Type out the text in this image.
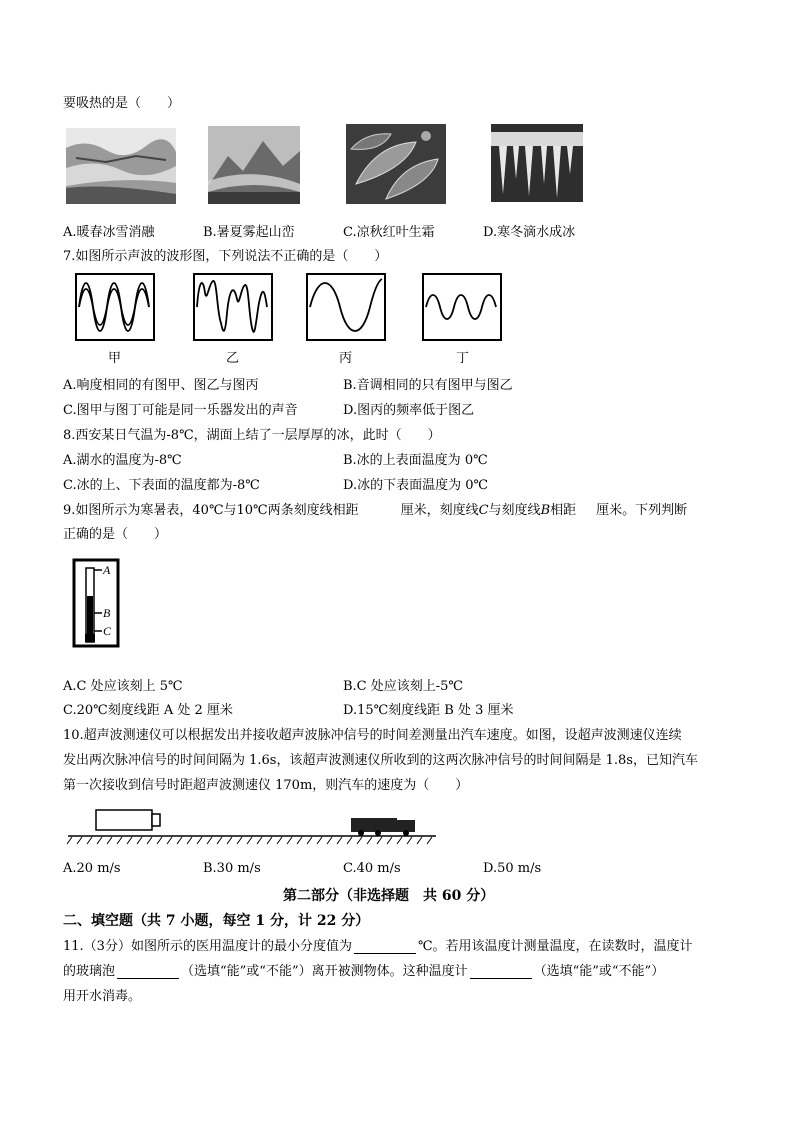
要吸热的是（　　）
A.暖春冰雪消融	B.暑夏雾起山峦	C.凉秋红叶生霜	D.寒冬滴水成冰
7.如图所示声波的波形图，下列说法不正确的是（　　）
甲	乙	丙	丁
A.响度相同的有图甲、图乙与图丙	B.音调相同的只有图甲与图乙
C.图甲与图丁可能是同一乐器发出的声音	D.图丙的频率低于图乙
8.西安某日气温为-8℃，湖面上结了一层厚厚的冰，此时（　　）
A.湖水的温度为-8℃	B.冰的上表面温度为 0℃
C.冰的上、下表面的温度都为-8℃	D.冰的下表面温度为 0℃
9.如图所示为寒暑表，40℃与10℃两条刻度线相距	厘米，刻度线C与刻度线B相距 厘米。下列判断
正确的是（　　）
A
B
C
A.C 处应该刻上 5℃	B.C 处应该刻上-5℃
C.20℃刻度线距 A 处 2 厘米	D.15℃刻度线距 B 处 3 厘米
10.超声波测速仪可以根据发出并接收超声波脉冲信号的时间差测量出汽车速度。如图，设超声波测速仪连续
发出两次脉冲信号的时间间隔为 1.6s，该超声波测速仪所收到的这两次脉冲信号的时间间隔是 1.8s，已知汽车
第一次接收到信号时距超声波测速仪 170m，则汽车的速度为（　　）
A.20 m/s	B.30 m/s	C.40 m/s	D.50 m/s
第二部分（非选择题　共 60 分）
二、填空题（共 7 小题，每空 1 分，计 22 分）
11.（3分）如图所示的医用温度计的最小分度值为	℃。若用该温度计测量温度，在读数时，温度计
的玻璃泡	（选填“能”或“不能”）离开被测物体。这种温度计	（选填“能”或“不能”）
用开水消毒。
